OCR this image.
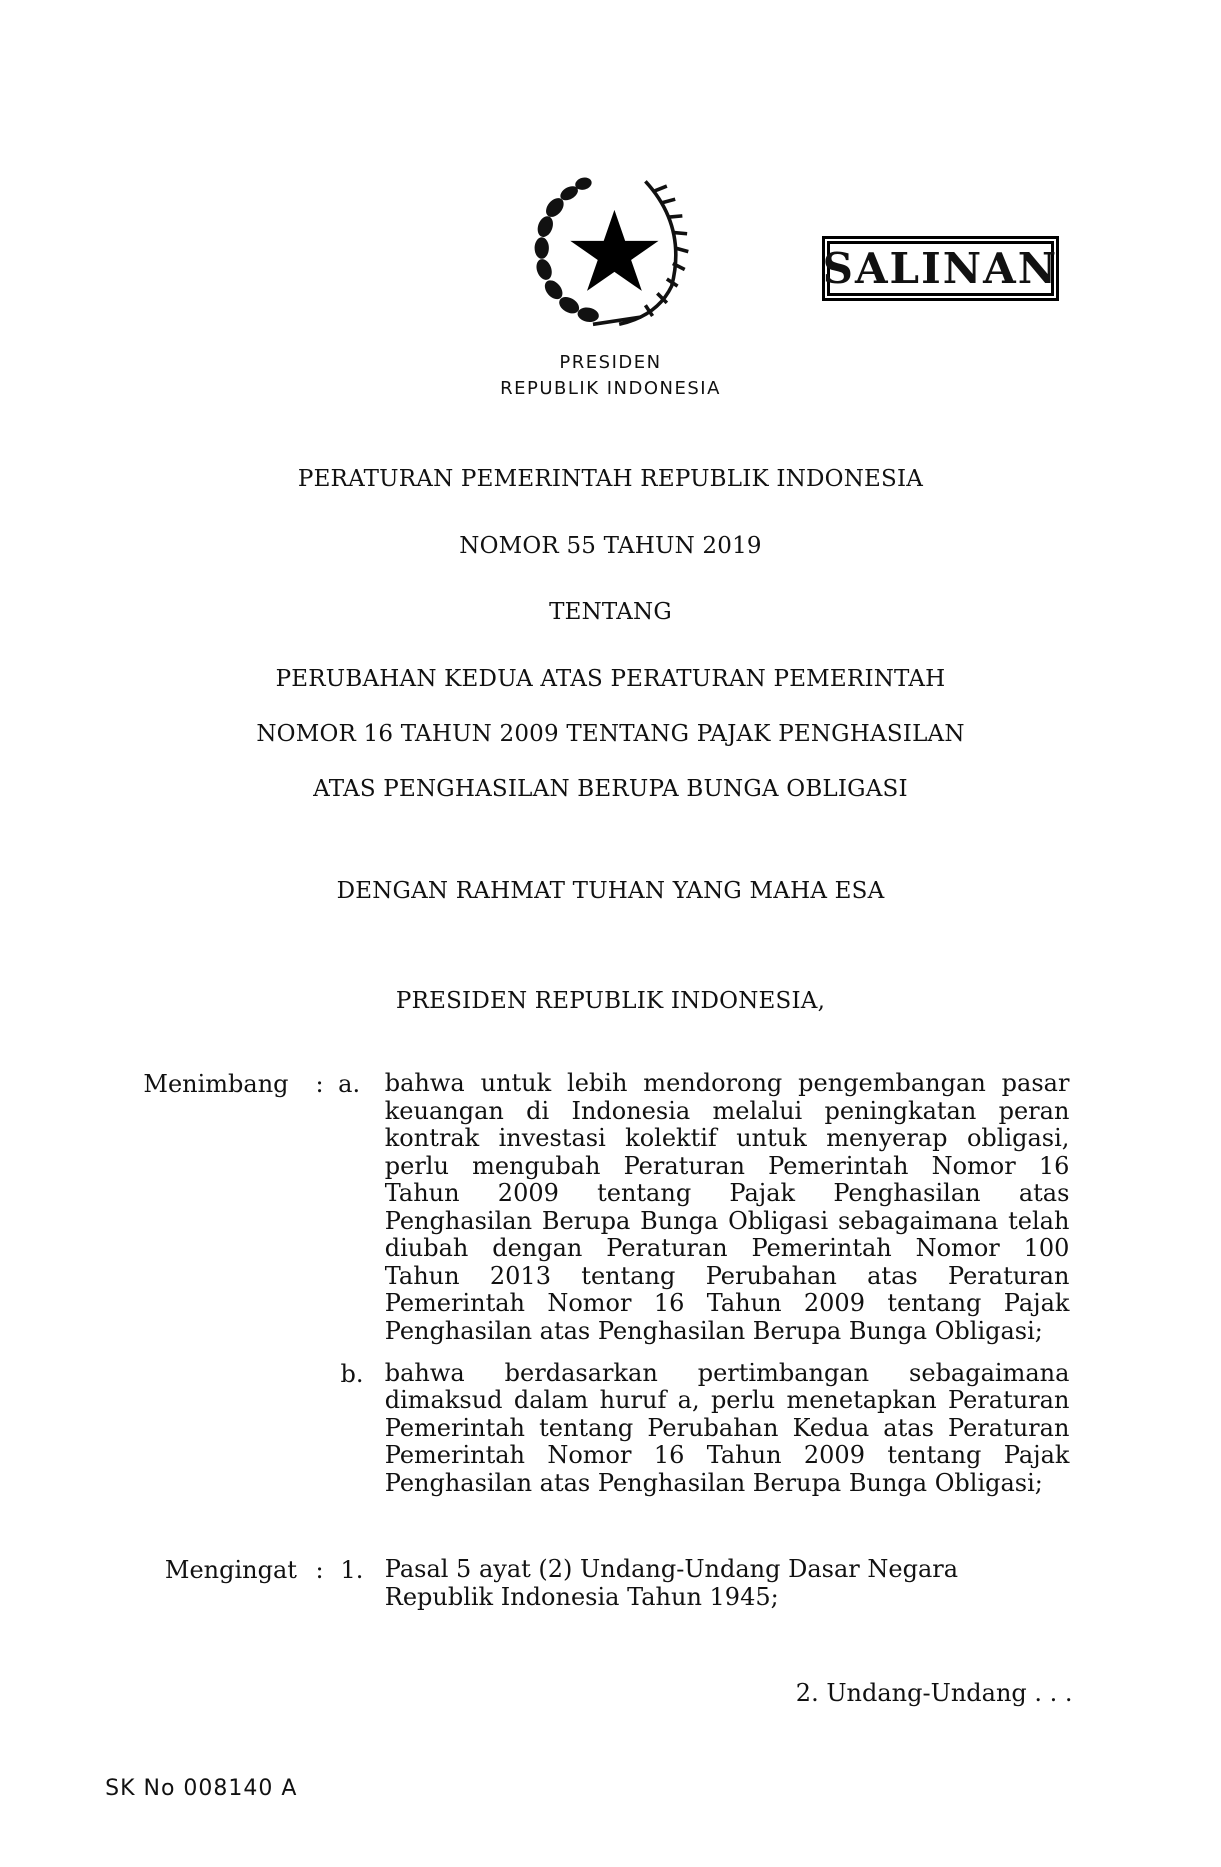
SALINAN
PRESIDEN
REPUBLIK INDONESIA
PERATURAN PEMERINTAH REPUBLIK INDONESIA
NOMOR 55 TAHUN 2019
TENTANG
PERUBAHAN KEDUA ATAS PERATURAN PEMERINTAH
NOMOR 16 TAHUN 2009 TENTANG PAJAK PENGHASILAN
ATAS PENGHASILAN BERUPA BUNGA OBLIGASI
DENGAN RAHMAT TUHAN YANG MAHA ESA
PRESIDEN REPUBLIK INDONESIA,
Menimbang : a. bahwa untuk lebih mendorong pengembangan pasar keuangan di Indonesia melalui peningkatan peran kontrak investasi kolektif untuk menyerap obligasi, perlu mengubah Peraturan Pemerintah Nomor 16 Tahun 2009 tentang Pajak Penghasilan atas Penghasilan Berupa Bunga Obligasi sebagaimana telah diubah dengan Peraturan Pemerintah Nomor 100 Tahun 2013 tentang Perubahan atas Peraturan Pemerintah Nomor 16 Tahun 2009 tentang Pajak Penghasilan atas Penghasilan Berupa Bunga Obligasi;
b. bahwa berdasarkan pertimbangan sebagaimana dimaksud dalam huruf a, perlu menetapkan Peraturan Pemerintah tentang Perubahan Kedua atas Peraturan Pemerintah Nomor 16 Tahun 2009 tentang Pajak Penghasilan atas Penghasilan Berupa Bunga Obligasi;
Mengingat : 1. Pasal 5 ayat (2) Undang-Undang Dasar Negara Republik Indonesia Tahun 1945;
2. Undang-Undang . . .
SK No 008140 A
